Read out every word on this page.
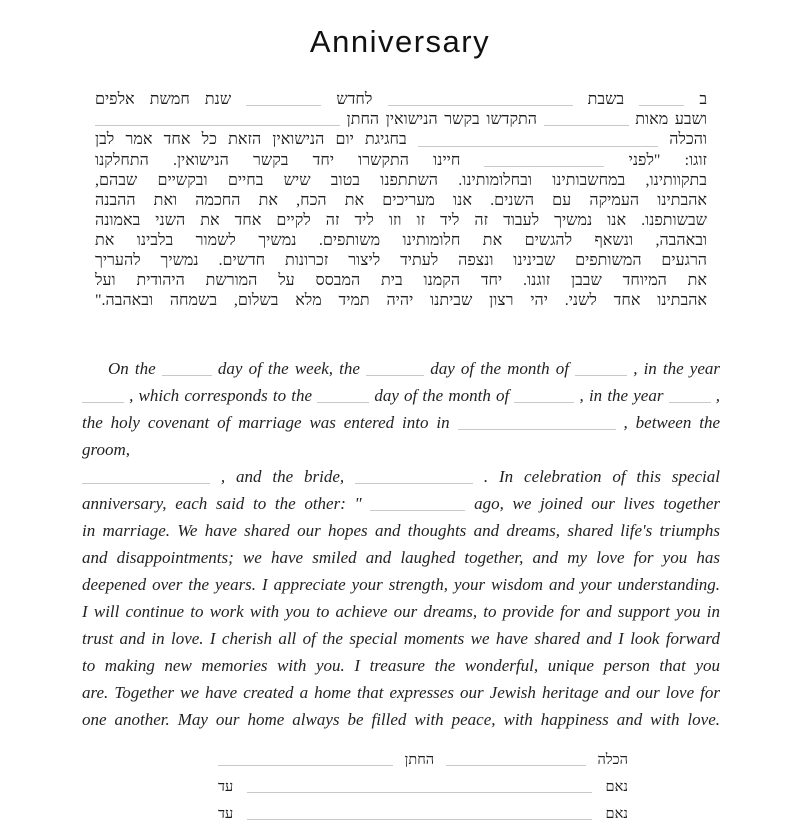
Anniversary
ב  בשבת  לחדש  שנת חמשת אלפים
ושבע מאות  התקדשו בקשר הנישואין החתן
והכלה  בחגיגת יום הנישואין הזאת כל אחד אמר לבן
זוגו: "לפני  חיינו התקשרו יחד בקשר הנישואין. התחלקנו
בתקוותינו, במחשבותינו ובחלומותינו. השתתפנו בטוב שיש בחיים ובקשיים שבהם,
אהבתינו העמיקה עם השנים. אנו מעריכים את הכח, את החכמה ואת ההבנה
שבשותפנו. אנו נמשיך לעבוד זה ליד זו וזו ליד זה לקיים אחד את השני באמונה
ובאהבה, ונשאף להגשים את חלומותינו משותפים. נמשיך לשמור בלבינו את
הרגעים המשותפים שבינינו ונצפה לעתיד ליצור זכרונות חדשים. נמשיך להעריך
את המיוחד שבבן זוגנו. יחד הקמנו בית המבסס על המורשת היהודית ועל
אהבתינו אחד לשני. יהי רצון שביתנו יהיה תמיד מלא בשלום, בשמחה ובאהבה."
On the	day of the week, the	day of the month of	, in the year
, which corresponds to the	day of the month of	, in the year	,
the holy covenant of marriage was entered into in	, between the groom,
, and the bride,	. In celebration of this special
anniversary, each said to the other: "	ago, we joined our lives together
in marriage. We have shared our hopes and thoughts and dreams, shared life's triumphs
and disappointments; we have smiled and laughed together, and my love for you has
deepened over the years. I appreciate your strength, your wisdom and your understanding.
I will continue to work with you to achieve our dreams, to provide for and support you in
trust and in love. I cherish all of the special moments we have shared and I look forward
to making new memories with you. I treasure the wonderful, unique person that you
are. Together we have created a home that expresses our Jewish heritage and our love for
one another. May our home always be filled with peace, with happiness and with love.
הכלה  החתן
נאם  עד
נאם  עד
